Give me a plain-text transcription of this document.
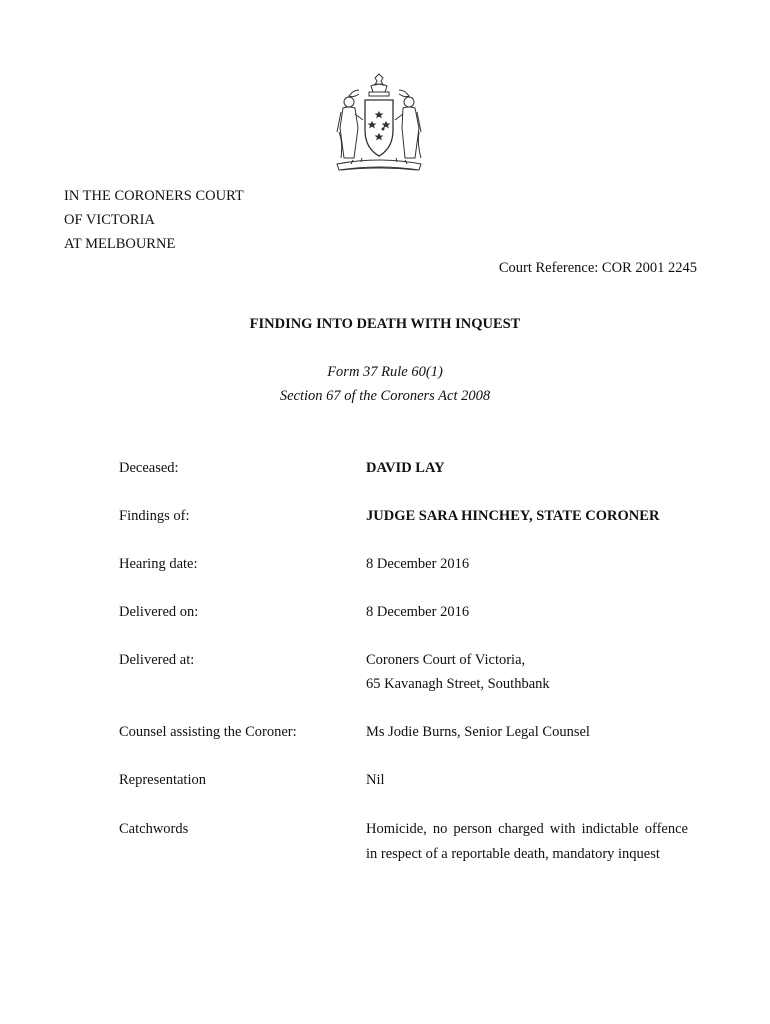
IN THE CORONERS COURT
OF VICTORIA
AT MELBOURNE
Court Reference: COR 2001 2245
FINDING INTO DEATH WITH INQUEST
Form 37 Rule 60(1)
Section 67 of the Coroners Act 2008
Deceased:	DAVID LAY
Findings of:	JUDGE SARA HINCHEY, STATE CORONER
Hearing date:	8 December 2016
Delivered on:	8 December 2016
Delivered at:	Coroners Court of Victoria,
65 Kavanagh Street, Southbank
Counsel assisting the Coroner:	Ms Jodie Burns, Senior Legal Counsel
Representation	Nil
Catchwords	Homicide, no person charged with indictable offence in respect of a reportable death, mandatory inquest
